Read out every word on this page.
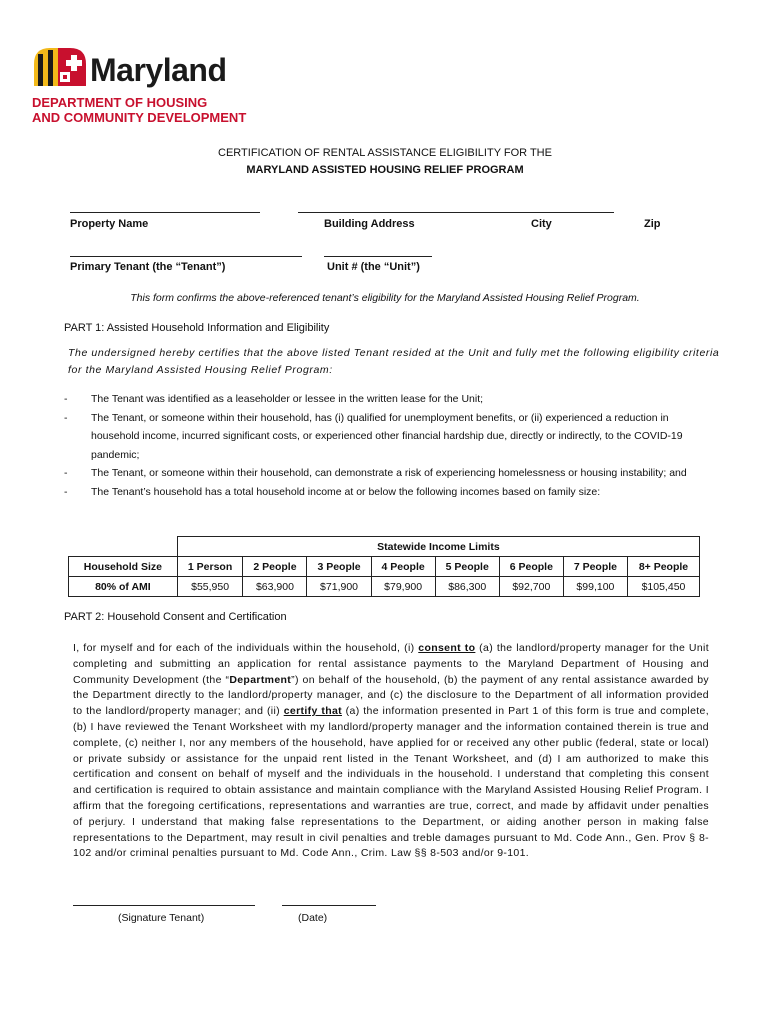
Maryland
DEPARTMENT OF HOUSING
AND COMMUNITY DEVELOPMENT
CERTIFICATION OF RENTAL ASSISTANCE ELIGIBILITY FOR THE
MARYLAND ASSISTED HOUSING RELIEF PROGRAM
Property Name	Building Address	City	Zip
Primary Tenant (the “Tenant”)	Unit # (the “Unit”)
This form confirms the above-referenced tenant’s eligibility for the Maryland Assisted Housing Relief Program.
PART 1: Assisted Household Information and Eligibility
The undersigned hereby certifies that the above listed Tenant resided at the Unit and fully met the following eligibility criteria for the Maryland Assisted Housing Relief Program:
-	The Tenant was identified as a leaseholder or lessee in the written lease for the Unit;
-	The Tenant, or someone within their household, has (i) qualified for unemployment benefits, or (ii) experienced a reduction in household income, incurred significant costs, or experienced other financial hardship due, directly or indirectly, to the COVID-19 pandemic;
-	The Tenant, or someone within their household, can demonstrate a risk of experiencing homelessness or housing instability; and
-	The Tenant’s household has a total household income at or below the following incomes based on family size:
	Statewide Income Limits							
Household Size	1 Person	2 People	3 People	4 People	5 People	6 People	7 People	8+ People
80% of AMI	$55,950	$63,900	$71,900	$79,900	$86,300	$92,700	$99,100	$105,450
PART 2: Household Consent and Certification
I, for myself and for each of the individuals within the household, (i) consent to (a) the landlord/property manager for the Unit completing and submitting an application for rental assistance payments to the Maryland Department of Housing and Community Development (the “Department”) on behalf of the household, (b) the payment of any rental assistance awarded by the Department directly to the landlord/property manager, and (c) the disclosure to the Department of all information provided to the landlord/property manager; and (ii) certify that (a) the information presented in Part 1 of this form is true and complete, (b) I have reviewed the Tenant Worksheet with my landlord/property manager and the information contained therein is true and complete, (c) neither I, nor any members of the household, have applied for or received any other public (federal, state or local) or private subsidy or assistance for the unpaid rent listed in the Tenant Worksheet, and (d) I am authorized to make this certification and consent on behalf of myself and the individuals in the household. I understand that completing this consent and certification is required to obtain assistance and maintain compliance with the Maryland Assisted Housing Relief Program. I affirm that the foregoing certifications, representations and warranties are true, correct, and made by affidavit under penalties of perjury. I understand that making false representations to the Department, or aiding another person in making false representations to the Department, may result in civil penalties and treble damages pursuant to Md. Code Ann., Gen. Prov § 8-102 and/or criminal penalties pursuant to Md. Code Ann., Crim. Law §§ 8-503 and/or 9-101.
(Signature Tenant)	(Date)
